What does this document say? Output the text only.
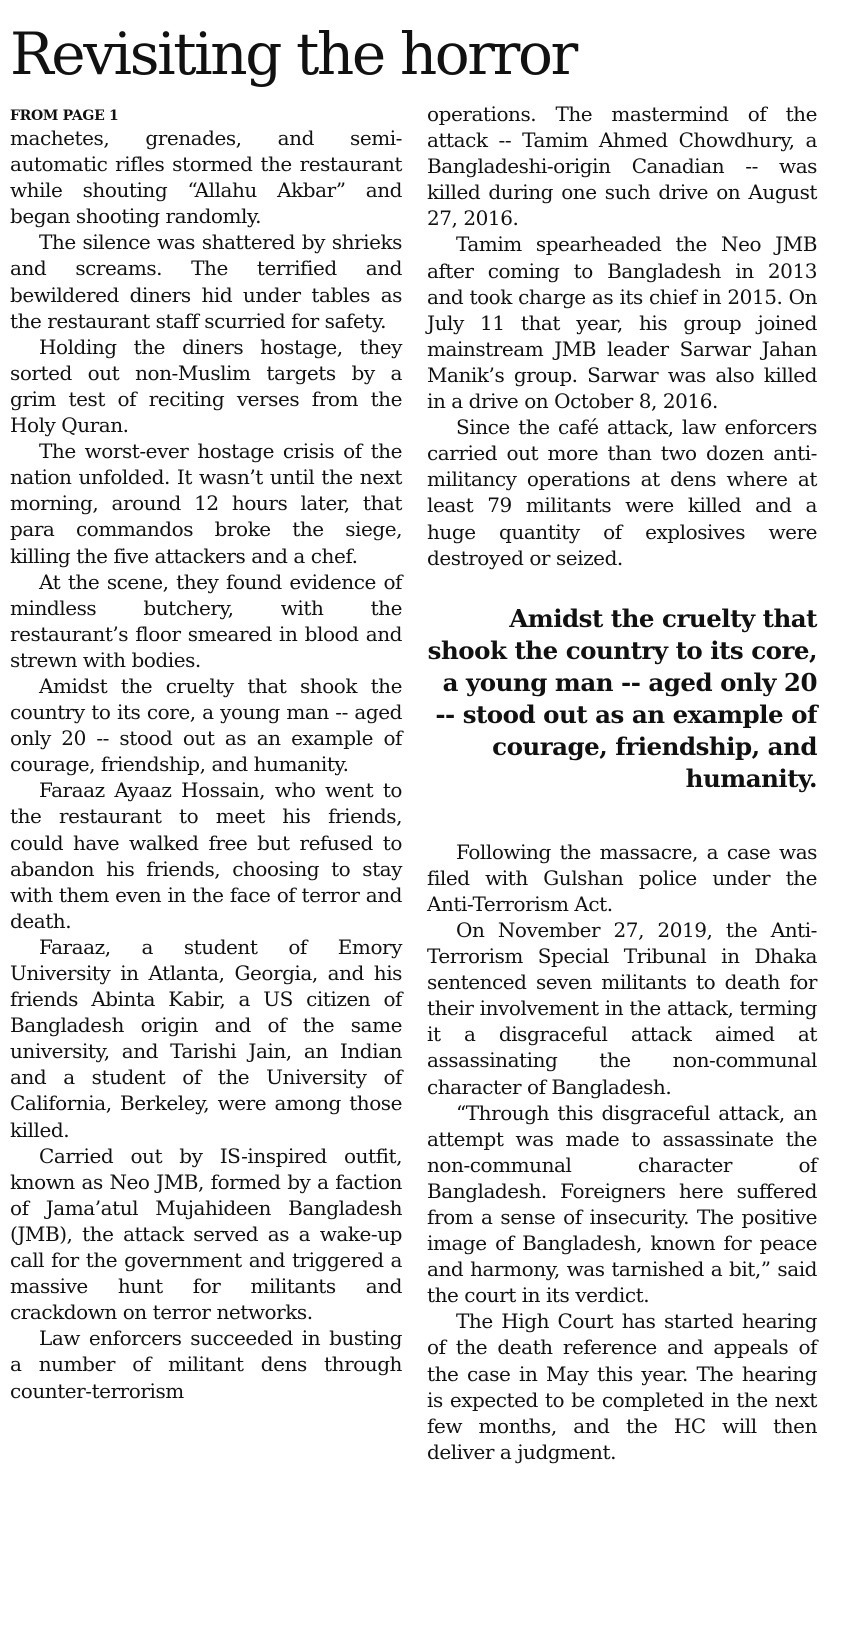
Revisiting the horror
FROM PAGE 1

machetes, grenades, and semi-automatic rifles stormed the restaurant while shouting “Allahu Akbar” and began shooting randomly.

The silence was shattered by shrieks and screams. The terrified and bewildered diners hid under tables as the restaurant staff scurried for safety.

Holding the diners hostage, they sorted out non-Muslim targets by a grim test of reciting verses from the Holy Quran.

The worst-ever hostage crisis of the nation unfolded. It wasn’t until the next morning, around 12 hours later, that para commandos broke the siege, killing the five attackers and a chef.

At the scene, they found evidence of mindless butchery, with the restaurant’s floor smeared in blood and strewn with bodies.

Amidst the cruelty that shook the country to its core, a young man -- aged only 20 -- stood out as an example of courage, friendship, and humanity.

Faraaz Ayaaz Hossain, who went to the restaurant to meet his friends, could have walked free but refused to abandon his friends, choosing to stay with them even in the face of terror and death.

Faraaz, a student of Emory University in Atlanta, Georgia, and his friends Abinta Kabir, a US citizen of Bangladesh origin and of the same university, and Tarishi Jain, an Indian and a student of the University of California, Berkeley, were among those killed.

Carried out by IS-inspired outfit, known as Neo JMB, formed by a faction of Jama’atul Mujahideen Bangladesh (JMB), the attack served as a wake-up call for the government and triggered a massive hunt for militants and crackdown on terror networks.

Law enforcers succeeded in busting a number of militant dens through counter-terrorism

operations. The mastermind of the attack -- Tamim Ahmed Chowdhury, a Bangladeshi-origin Canadian -- was killed during one such drive on August 27, 2016.

Tamim spearheaded the Neo JMB after coming to Bangladesh in 2013 and took charge as its chief in 2015. On July 11 that year, his group joined mainstream JMB leader Sarwar Jahan Manik’s group. Sarwar was also killed in a drive on October 8, 2016.

Since the café attack, law enforcers carried out more than two dozen anti-militancy operations at dens where at least 79 militants were killed and a huge quantity of explosives were destroyed or seized.

Amidst the cruelty that shook the country to its core, a young man -- aged only 20 -- stood out as an example of courage, friendship, and humanity.

Following the massacre, a case was filed with Gulshan police under the Anti-Terrorism Act.

On November 27, 2019, the Anti-Terrorism Special Tribunal in Dhaka sentenced seven militants to death for their involvement in the attack, terming it a disgraceful attack aimed at assassinating the non-communal character of Bangladesh.

“Through this disgraceful attack, an attempt was made to assassinate the non-communal character of Bangladesh. Foreigners here suffered from a sense of insecurity. The positive image of Bangladesh, known for peace and harmony, was tarnished a bit,” said the court in its verdict.

The High Court has started hearing of the death reference and appeals of the case in May this year. The hearing is expected to be completed in the next few months, and the HC will then deliver a judgment.
